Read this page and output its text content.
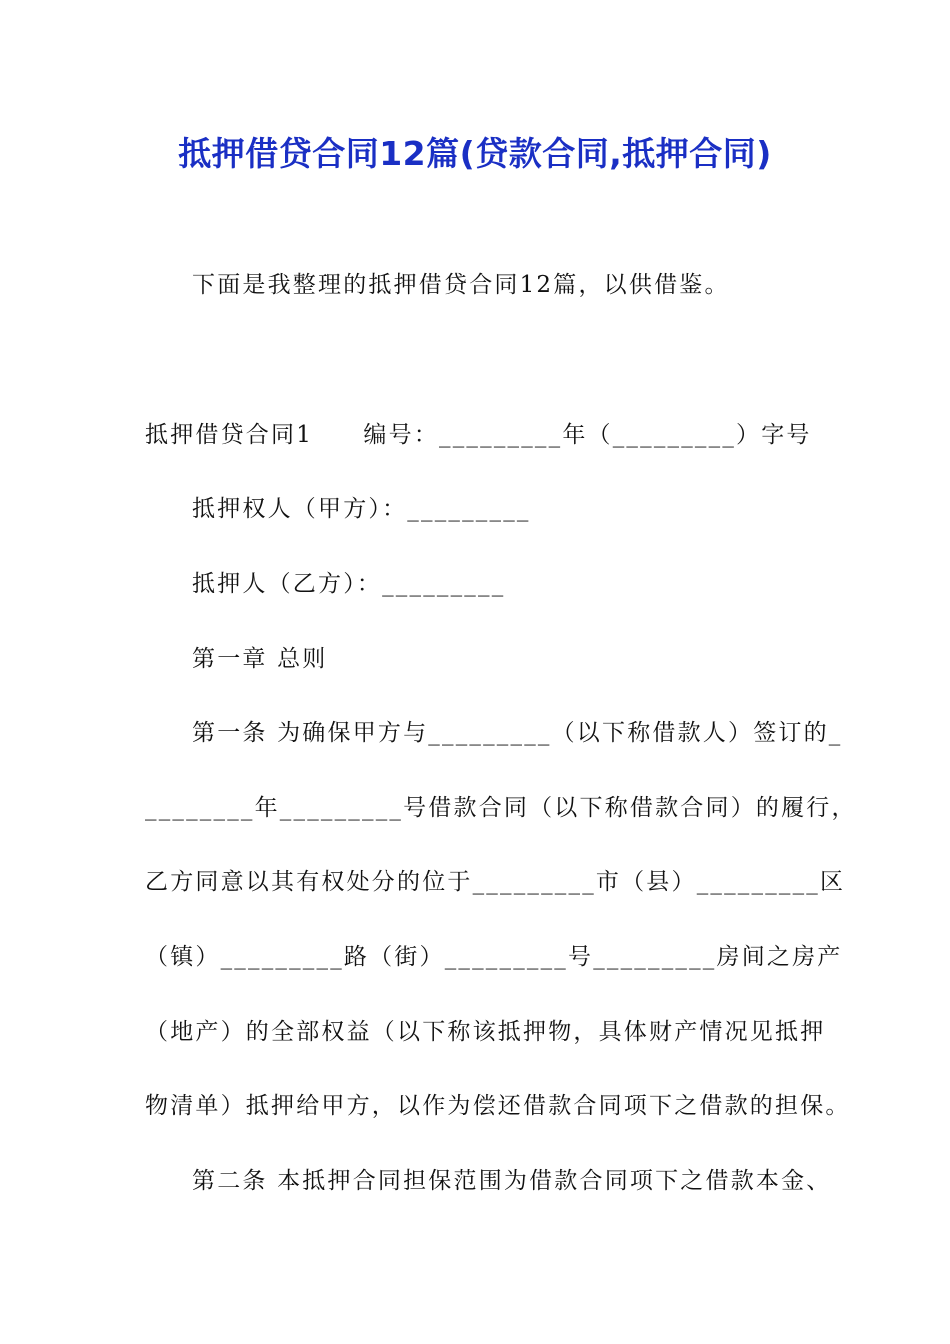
抵押借贷合同12篇(贷款合同,抵押合同)
下面是我整理的抵押借贷合同12篇，以供借鉴。
抵押借贷合同1　　编号：_________年（_________）字号
抵押权人（甲方）：_________
抵押人（乙方）：_________
第一章 总则
第一条 为确保甲方与_________（以下称借款人）签订的_
________年_________号借款合同（以下称借款合同）的履行，
乙方同意以其有权处分的位于_________市（县）_________区
（镇）_________路（街）_________号_________房间之房产
（地产）的全部权益（以下称该抵押物，具体财产情况见抵押
物清单）抵押给甲方，以作为偿还借款合同项下之借款的担保。
第二条 本抵押合同担保范围为借款合同项下之借款本金、
